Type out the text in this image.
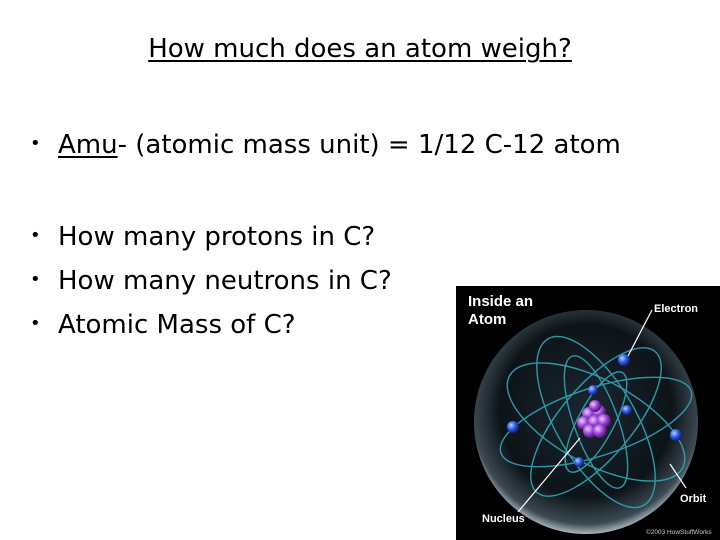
How much does an atom weigh?
• Amu- (atomic mass unit) = 1/12 C-12 atom
• How many protons in C?
• How many neutrons in C?
• Atomic Mass of C?
Inside an
Atom
Electron
Orbit
Nucleus
©2003 HowStuffWorks
